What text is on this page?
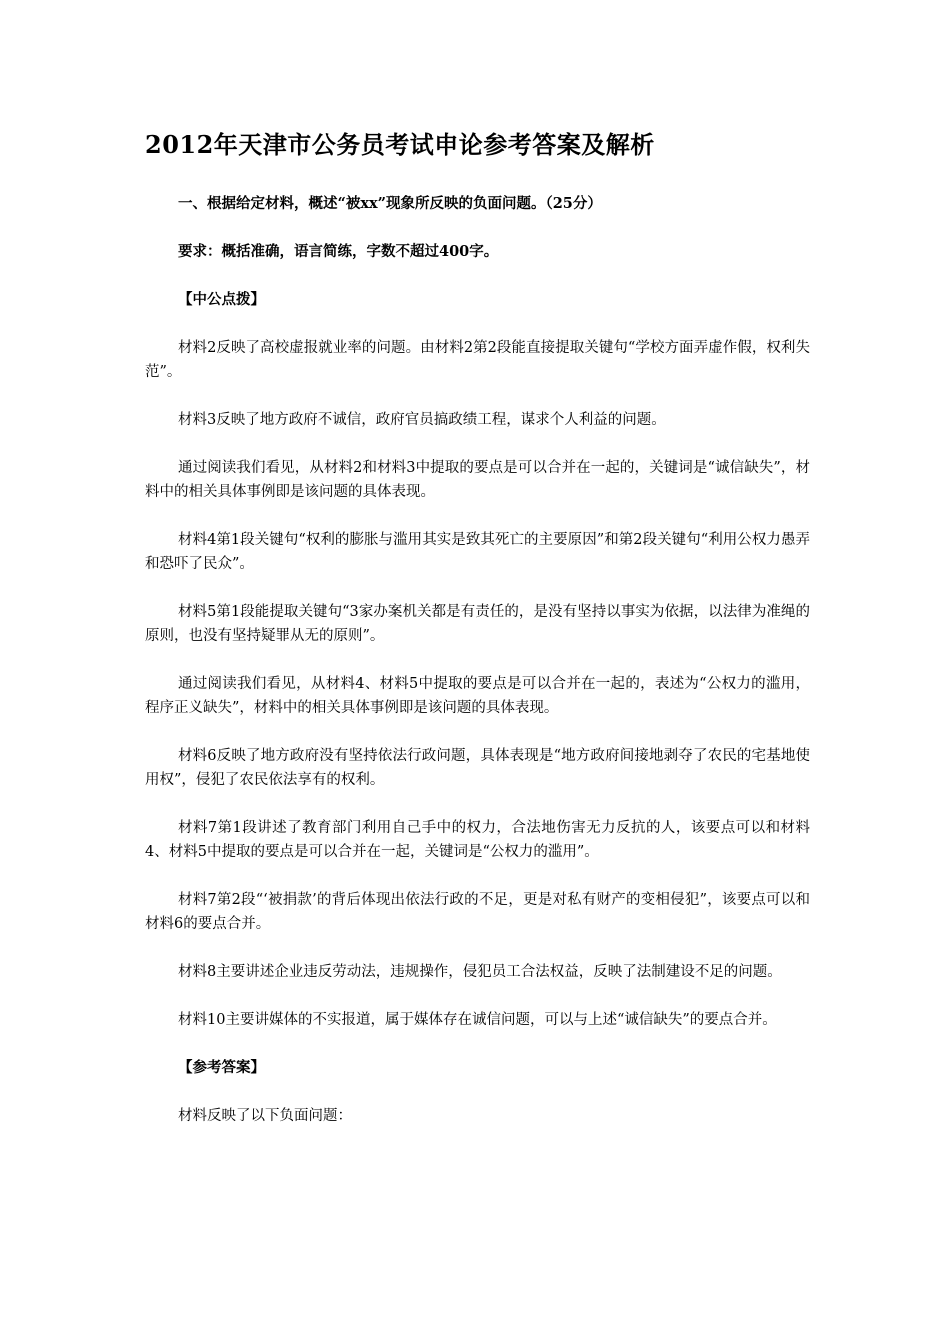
2012年天津市公务员考试申论参考答案及解析
一、根据给定材料，概述“被xx”现象所反映的负面问题。（25分）
要求：概括准确，语言简练，字数不超过400字。
【中公点拨】

材料2反映了高校虚报就业率的问题。由材料2第2段能直接提取关键句“学校方面弄虚作假，权利失范”。

材料3反映了地方政府不诚信，政府官员搞政绩工程，谋求个人利益的问题。

通过阅读我们看见，从材料2和材料3中提取的要点是可以合并在一起的，关键词是“诚信缺失”，材料中的相关具体事例即是该问题的具体表现。

材料4第1段关键句“权利的膨胀与滥用其实是致其死亡的主要原因”和第2段关键句“利用公权力愚弄和恐吓了民众”。

材料5第1段能提取关键句“3家办案机关都是有责任的，是没有坚持以事实为依据，以法律为准绳的原则，也没有坚持疑罪从无的原则”。

通过阅读我们看见，从材料4、材料5中提取的要点是可以合并在一起的，表述为“公权力的滥用，程序正义缺失”，材料中的相关具体事例即是该问题的具体表现。

材料6反映了地方政府没有坚持依法行政问题，具体表现是“地方政府间接地剥夺了农民的宅基地使用权”，侵犯了农民依法享有的权利。

材料7第1段讲述了教育部门利用自己手中的权力，合法地伤害无力反抗的人，该要点可以和材料4、材料5中提取的要点是可以合并在一起，关键词是“公权力的滥用”。

材料7第2段“‘被捐款’的背后体现出依法行政的不足，更是对私有财产的变相侵犯”，该要点可以和材料6的要点合并。

材料8主要讲述企业违反劳动法，违规操作，侵犯员工合法权益，反映了法制建设不足的问题。

材料10主要讲媒体的不实报道，属于媒体存在诚信问题，可以与上述“诚信缺失”的要点合并。

【参考答案】

材料反映了以下负面问题：
